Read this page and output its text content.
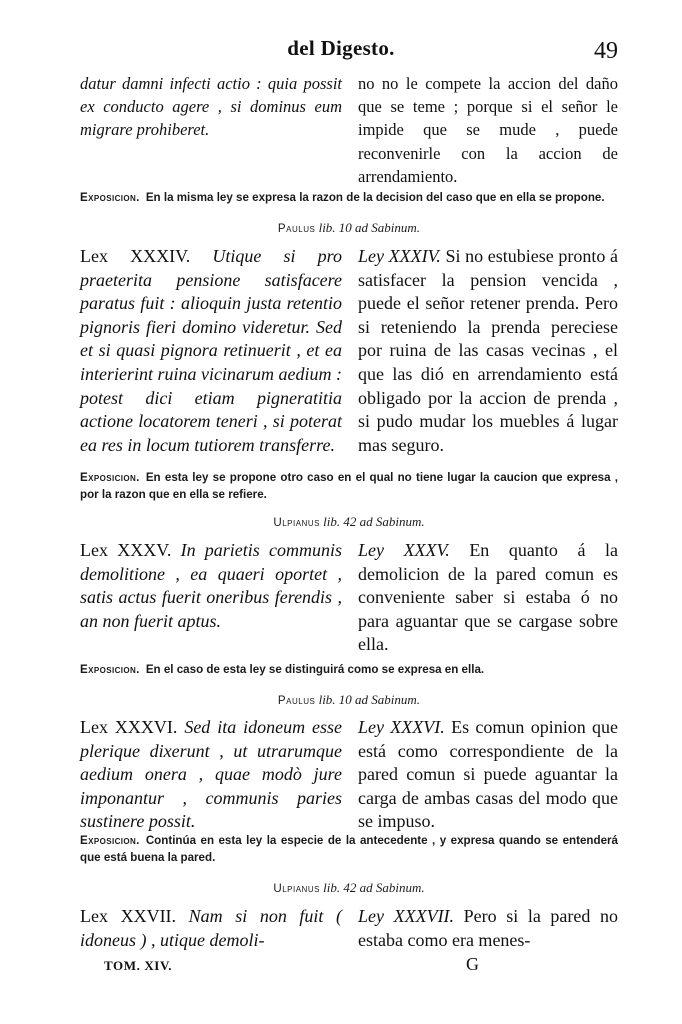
del Digesto.	49
datur damni infecti actio : quia possit ex conducto agere , si dominus eum migrare prohiberet.
no no le compete la accion del daño que se teme ; porque si el señor le impide que se mude , puede reconvenirle con la accion de arrendamiento.
Exposicion. En la misma ley se expresa la razon de la decision del caso que en ella se propone.
Paulus lib. 10 ad Sabinum.
Lex XXXIV. Utique si pro praeterita pensione satisfacere paratus fuit : alioquin justa retentio pignoris fieri domino videretur. Sed et si quasi pignora retinuerit , et ea interierint ruina vicinarum aedium : potest dici etiam pigneratitia actione locatorem teneri , si poterat ea res in locum tutiorem transferre.
Ley XXXIV. Si no estubiese pronto á satisfacer la pension vencida , puede el señor retener prenda. Pero si reteniendo la prenda pereciese por ruina de las casas vecinas , el que las dió en arrendamiento está obligado por la accion de prenda , si pudo mudar los muebles á lugar mas seguro.
Exposicion. En esta ley se propone otro caso en el qual no tiene lugar la caucion que expresa , por la razon que en ella se refiere.
Ulpianus lib. 42 ad Sabinum.
Lex XXXV. In parietis communis demolitione , ea quaeri oportet , satis actus fuerit oneribus ferendis , an non fuerit aptus.
Ley XXXV. En quanto á la demolicion de la pared comun es conveniente saber si estaba ó no para aguantar que se cargase sobre ella.
Exposicion. En el caso de esta ley se distinguirá como se expresa en ella.
Paulus lib. 10 ad Sabinum.
Lex XXXVI. Sed ita idoneum esse plerique dixerunt , ut utrarumque aedium onera , quae modò jure imponantur , communis paries sustinere possit.
Ley XXXVI. Es comun opinion que está como correspondiente de la pared comun si puede aguantar la carga de ambas casas del modo que se impuso.
Exposicion. Continúa en esta ley la especie de la antecedente , y expresa quando se entenderá que está buena la pared.
Ulpianus lib. 42 ad Sabinum.
Lex XXVII. Nam si non fuit ( idoneus ) , utique demoli-
Ley XXXVII. Pero si la pared no estaba como era menes-
TOM. XIV.	G
